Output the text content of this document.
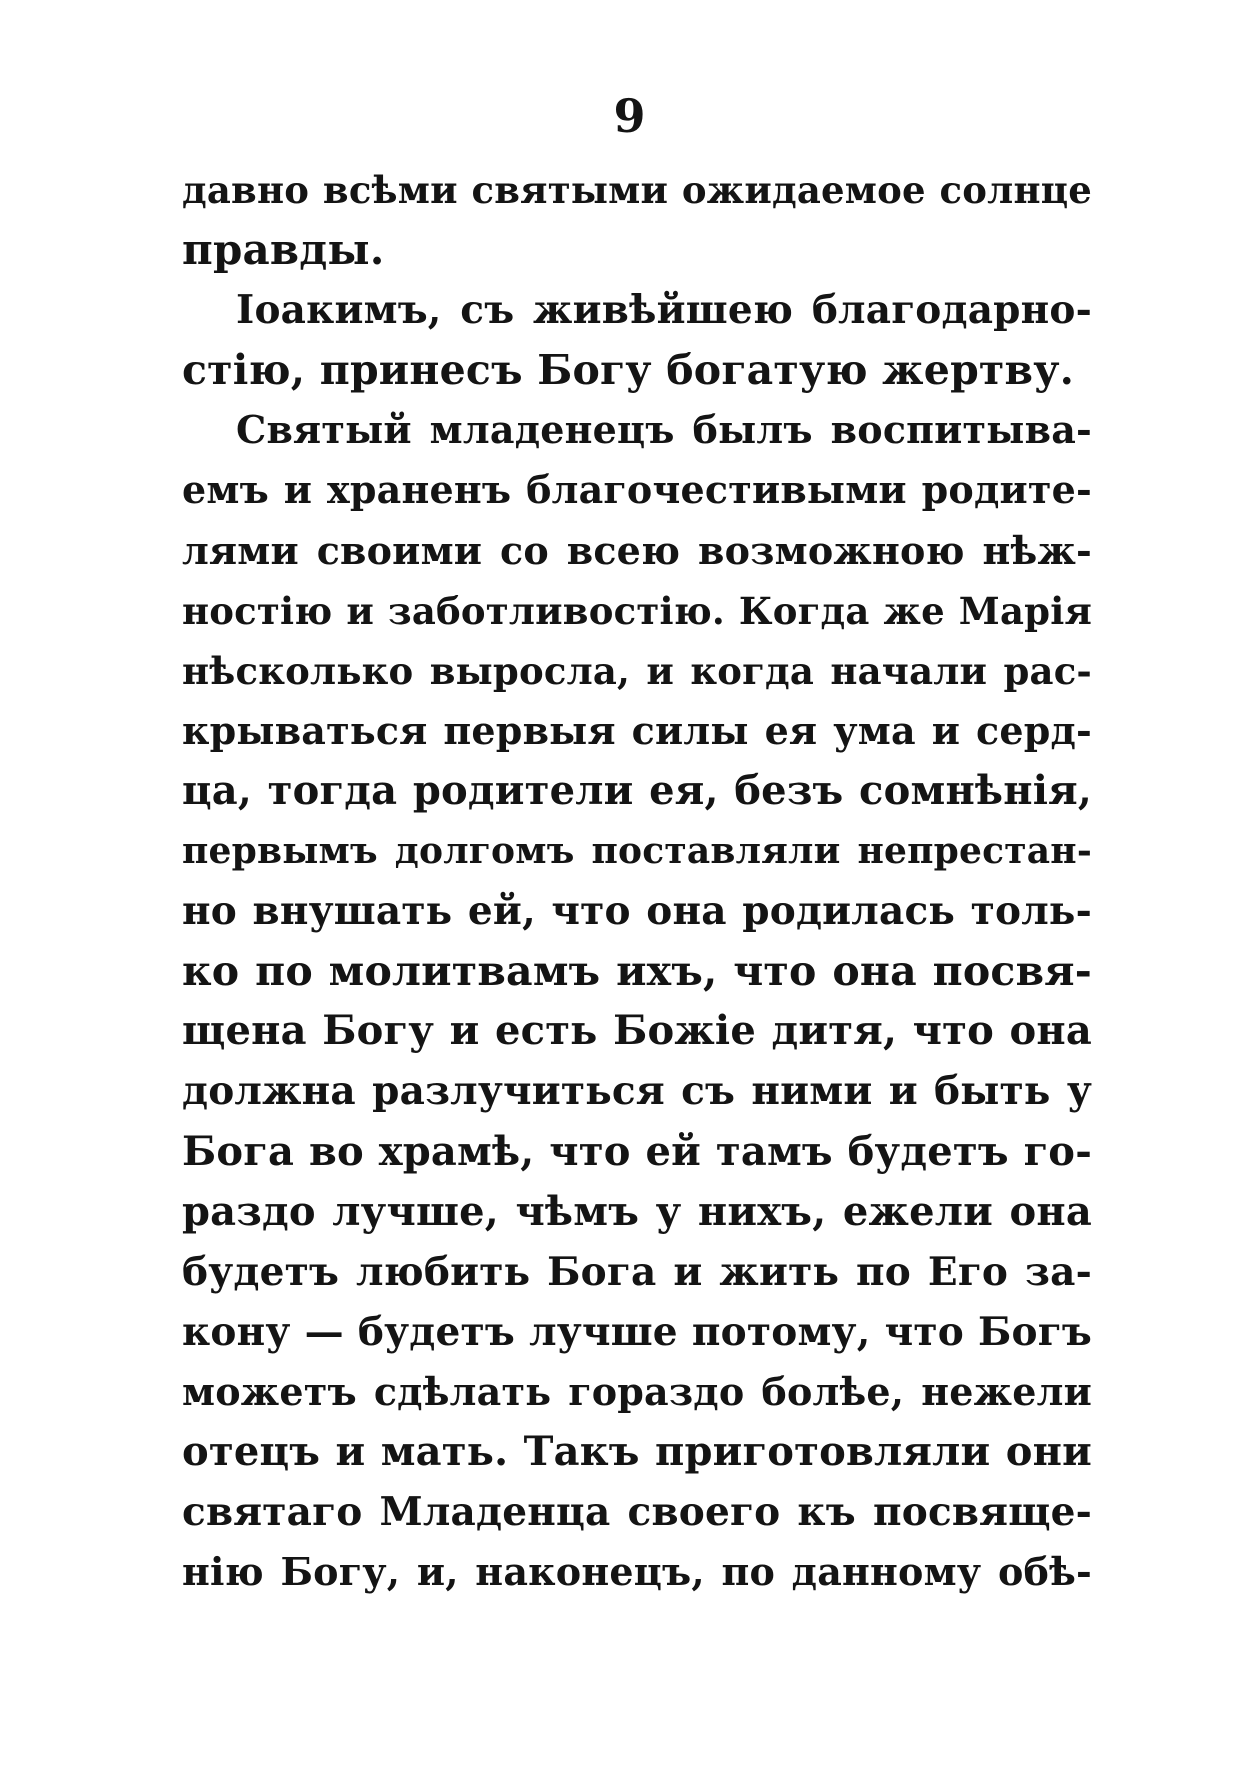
9
давно всѣми святыми ожидаемое солнце
правды.
Іоакимъ, съ живѣйшею благодарно-
стію, принесъ Богу богатую жертву.
Святый младенецъ былъ воспитыва-
емъ и храненъ благочестивыми родите-
лями своими со всею возможною нѣж-
ностію и заботливостію. Когда же Марія
нѣсколько выросла, и когда начали рас-
крываться первыя силы ея ума и серд-
ца, тогда родители ея, безъ сомнѣнія,
первымъ долгомъ поставляли непрестан-
но внушать ей, что она родилась толь-
ко по молитвамъ ихъ, что она посвя-
щена Богу и есть Божіе дитя, что она
должна разлучиться съ ними и быть у
Бога во храмѣ, что ей тамъ будетъ го-
раздо лучше, чѣмъ у нихъ, ежели она
будетъ любить Бога и жить по Его за-
кону — будетъ лучше потому, что Богъ
можетъ сдѣлать гораздо болѣе, нежели
отецъ и мать. Такъ приготовляли они
святаго Младенца своего къ посвяще-
нію Богу, и, наконецъ, по данному обѣ-
